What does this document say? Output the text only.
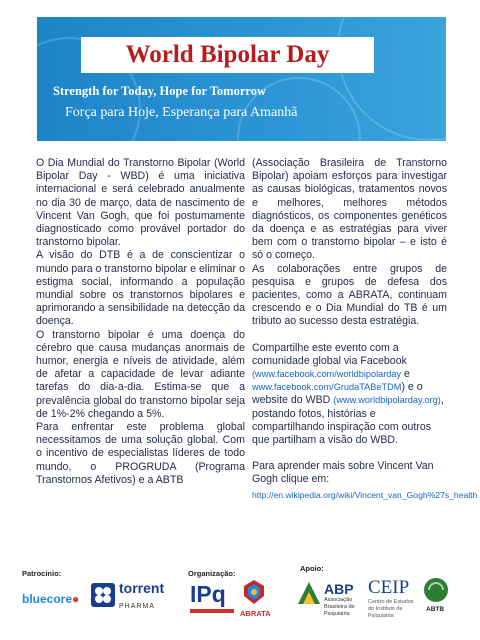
World Bipolar Day
Strength for Today, Hope for Tomorrow
Força para Hoje, Esperança para Amanhã

O Dia Mundial do Transtorno Bipolar (World Bipolar Day - WBD) é uma iniciativa internacional e será celebrado anualmente no dia 30 de março, data de nascimento de Vincent Van Gogh, que foi postumamente diagnosticado como provável portador do transtorno bipolar.

A visão do DTB é a de conscientizar o mundo para o transtorno bipolar e eliminar o estigma social, informando a população mundial sobre os transtornos bipolares e aprimorando a sensibilidade na detecção da doença.

O transtorno bipolar é uma doença do cérebro que causa mudanças anormais de humor, energia e níveis de atividade, além de afetar a capacidade de levar adiante tarefas do dia-a-dia. Estima-se que a prevalência global do transtorno bipolar seja de 1%-2% chegando a 5%.

Para enfrentar este problema global necessitamos de uma solução global. Com o incentivo de especialistas líderes de todo mundo, o PROGRUDA (Programa Transtornos Afetivos) e a ABTB

(Associação Brasileira de Transtorno Bipolar) apoiam esforços para investigar as causas biológicas, tratamentos novos e melhores, melhores métodos diagnósticos, os componentes genéticos da doença e as estratégias para viver bem com o transtorno bipolar – e isto é só o começo.

As colaborações entre grupos de pesquisa e grupos de defesa dos pacientes, como a ABRATA, continuam crescendo e o Dia Mundial do TB é um tributo ao sucesso desta estratégia.

Compartilhe este evento com a comunidade global via Facebook (www.facebook.com/worldbipolarday e www.facebook.com/GrudaTABeTDM) e o website do WBD (www.worldbipolarday.org), postando fotos, histórias e compartilhando inspiração com outros que partilham a visão do WBD.

Para aprender mais sobre Vincent Van Gogh clique em:
http://en.wikipedia.org/wiki/Vincent_van_Gogh%27s_health

Patrocínio:	Organização:
Apoio:
bluecore●
torrent
PHARMA	IPq
ABRATA
ABP
Associação Brasileira de Psiquiatria
CEIP
Centro de Estudos do Instituto de Psiquiatria
ABTB
